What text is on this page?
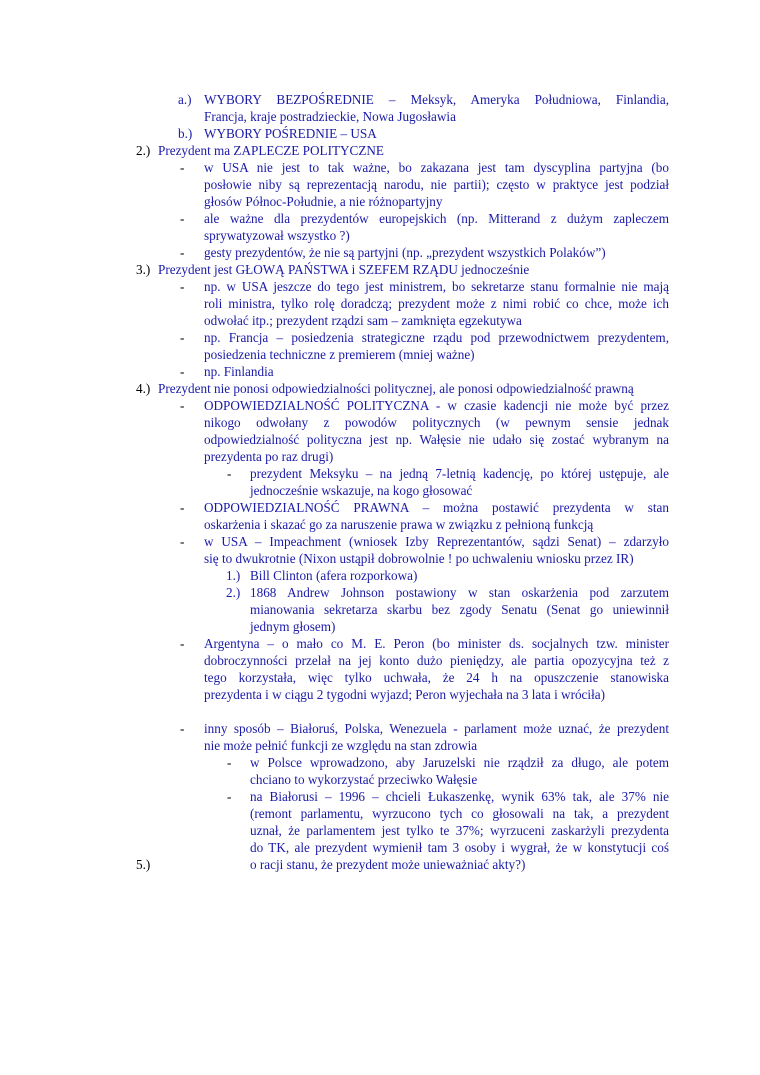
a.) WYBORY BEZPOŚREDNIE – Meksyk, Ameryka Południowa, Finlandia,
Francja, kraje postradzieckie, Nowa Jugosławia
b.) WYBORY POŚREDNIE – USA
2.) Prezydent ma ZAPLECZE POLITYCZNE
- w USA nie jest to tak ważne, bo zakazana jest tam dyscyplina partyjna (bo
posłowie niby są reprezentacją narodu, nie partii); często w praktyce jest podział
głosów Północ-Południe, a nie różnopartyjny
- ale ważne dla prezydentów europejskich (np. Mitterand z dużym zapleczem
sprywatyzował wszystko ?)
- gesty prezydentów, że nie są partyjni (np. „prezydent wszystkich Polaków”)
3.) Prezydent jest GŁOWĄ PAŃSTWA i SZEFEM RZĄDU jednocześnie
- np. w USA jeszcze do tego jest ministrem, bo sekretarze stanu formalnie nie mają
roli ministra, tylko rolę doradczą; prezydent może z nimi robić co chce, może ich
odwołać itp.; prezydent rządzi sam – zamknięta egzekutywa
- np. Francja – posiedzenia strategiczne rządu pod przewodnictwem prezydentem,
posiedzenia techniczne z premierem (mniej ważne)
- np. Finlandia
4.) Prezydent nie ponosi odpowiedzialności politycznej, ale ponosi odpowiedzialność prawną
- ODPOWIEDZIALNOŚĆ POLITYCZNA - w czasie kadencji nie może być przez
nikogo odwołany z powodów politycznych (w pewnym sensie jednak
odpowiedzialność polityczna jest np. Wałęsie nie udało się zostać wybranym na
prezydenta po raz drugi)
- prezydent Meksyku – na jedną 7-letnią kadencję, po której ustępuje, ale
jednocześnie wskazuje, na kogo głosować
- ODPOWIEDZIALNOŚĆ PRAWNA – można postawić prezydenta w stan
oskarżenia i skazać go za naruszenie prawa w związku z pełnioną funkcją
- w USA – Impeachment (wniosek Izby Reprezentantów, sądzi Senat) – zdarzyło
się to dwukrotnie (Nixon ustąpił dobrowolnie ! po uchwaleniu wniosku przez IR)
1.) Bill Clinton (afera rozporkowa)
2.) 1868 Andrew Johnson postawiony w stan oskarżenia pod zarzutem
mianowania sekretarza skarbu bez zgody Senatu (Senat go uniewinnił
jednym głosem)
- Argentyna – o mało co M. E. Peron (bo minister ds. socjalnych tzw. minister
dobroczynności przelał na jej konto dużo pieniędzy, ale partia opozycyjna też z
tego korzystała, więc tylko uchwała, że 24 h na opuszczenie stanowiska
prezydenta i w ciągu 2 tygodni wyjazd; Peron wyjechała na 3 lata i wróciła)
- inny sposób – Białoruś, Polska, Wenezuela - parlament może uznać, że prezydent
nie może pełnić funkcji ze względu na stan zdrowia
- w Polsce wprowadzono, aby Jaruzelski nie rządził za długo, ale potem
chciano to wykorzystać przeciwko Wałęsie
- na Białorusi – 1996 – chcieli Łukaszenkę, wynik 63% tak, ale 37% nie
(remont parlamentu, wyrzucono tych co głosowali na tak, a prezydent
uznał, że parlamentem jest tylko te 37%; wyrzuceni zaskarżyli prezydenta
do TK, ale prezydent wymienił tam 3 osoby i wygrał, że w konstytucji coś
o racji stanu, że prezydent może unieważniać akty?)
5.)
